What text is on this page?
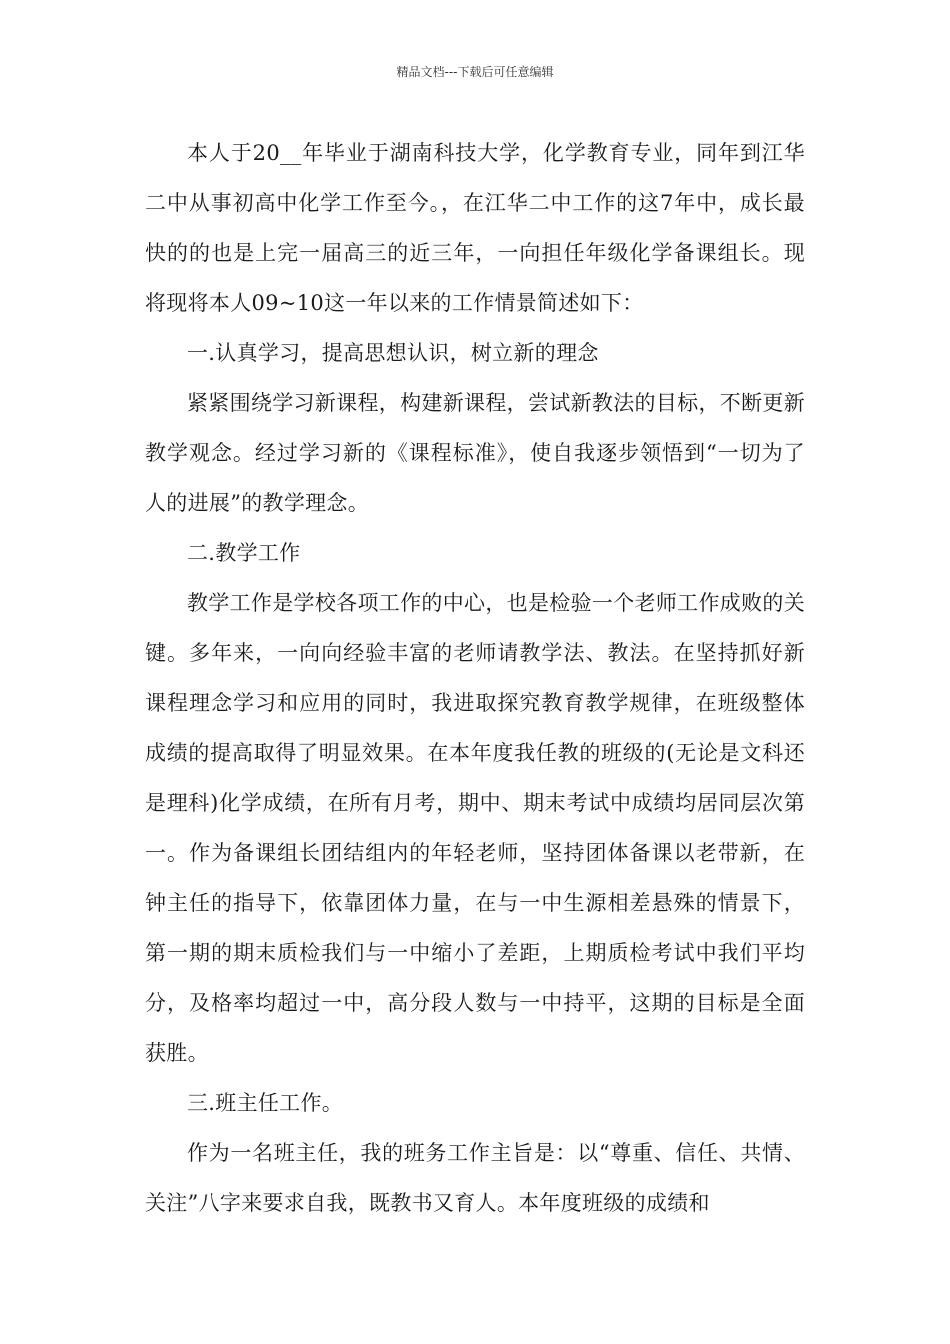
精品文档---下载后可任意编辑

本人于20__年毕业于湖南科技大学，化学教育专业，同年到江华二中从事初高中化学工作至今。，在江华二中工作的这7年中，成长最快的的也是上完一届高三的近三年，一向担任年级化学备课组长。现将现将本人09~10这一年以来的工作情景简述如下：

一.认真学习，提高思想认识，树立新的理念

紧紧围绕学习新课程，构建新课程，尝试新教法的目标，不断更新教学观念。经过学习新的《课程标准》，使自我逐步领悟到“一切为了人的进展”的教学理念。

二.教学工作

教学工作是学校各项工作的中心，也是检验一个老师工作成败的关键。多年来，一向向经验丰富的老师请教学法、教法。在坚持抓好新课程理念学习和应用的同时，我进取探究教育教学规律，在班级整体成绩的提高取得了明显效果。在本年度我任教的班级的(无论是文科还是理科)化学成绩，在所有月考，期中、期末考试中成绩均居同层次第一。作为备课组长团结组内的年轻老师，坚持团体备课以老带新，在钟主任的指导下，依靠团体力量，在与一中生源相差悬殊的情景下，第一期的期末质检我们与一中缩小了差距，上期质检考试中我们平均分，及格率均超过一中，高分段人数与一中持平，这期的目标是全面获胜。

三.班主任工作。

作为一名班主任，我的班务工作主旨是：以“尊重、信任、共情、关注”八字来要求自我，既教书又育人。本年度班级的成绩和
